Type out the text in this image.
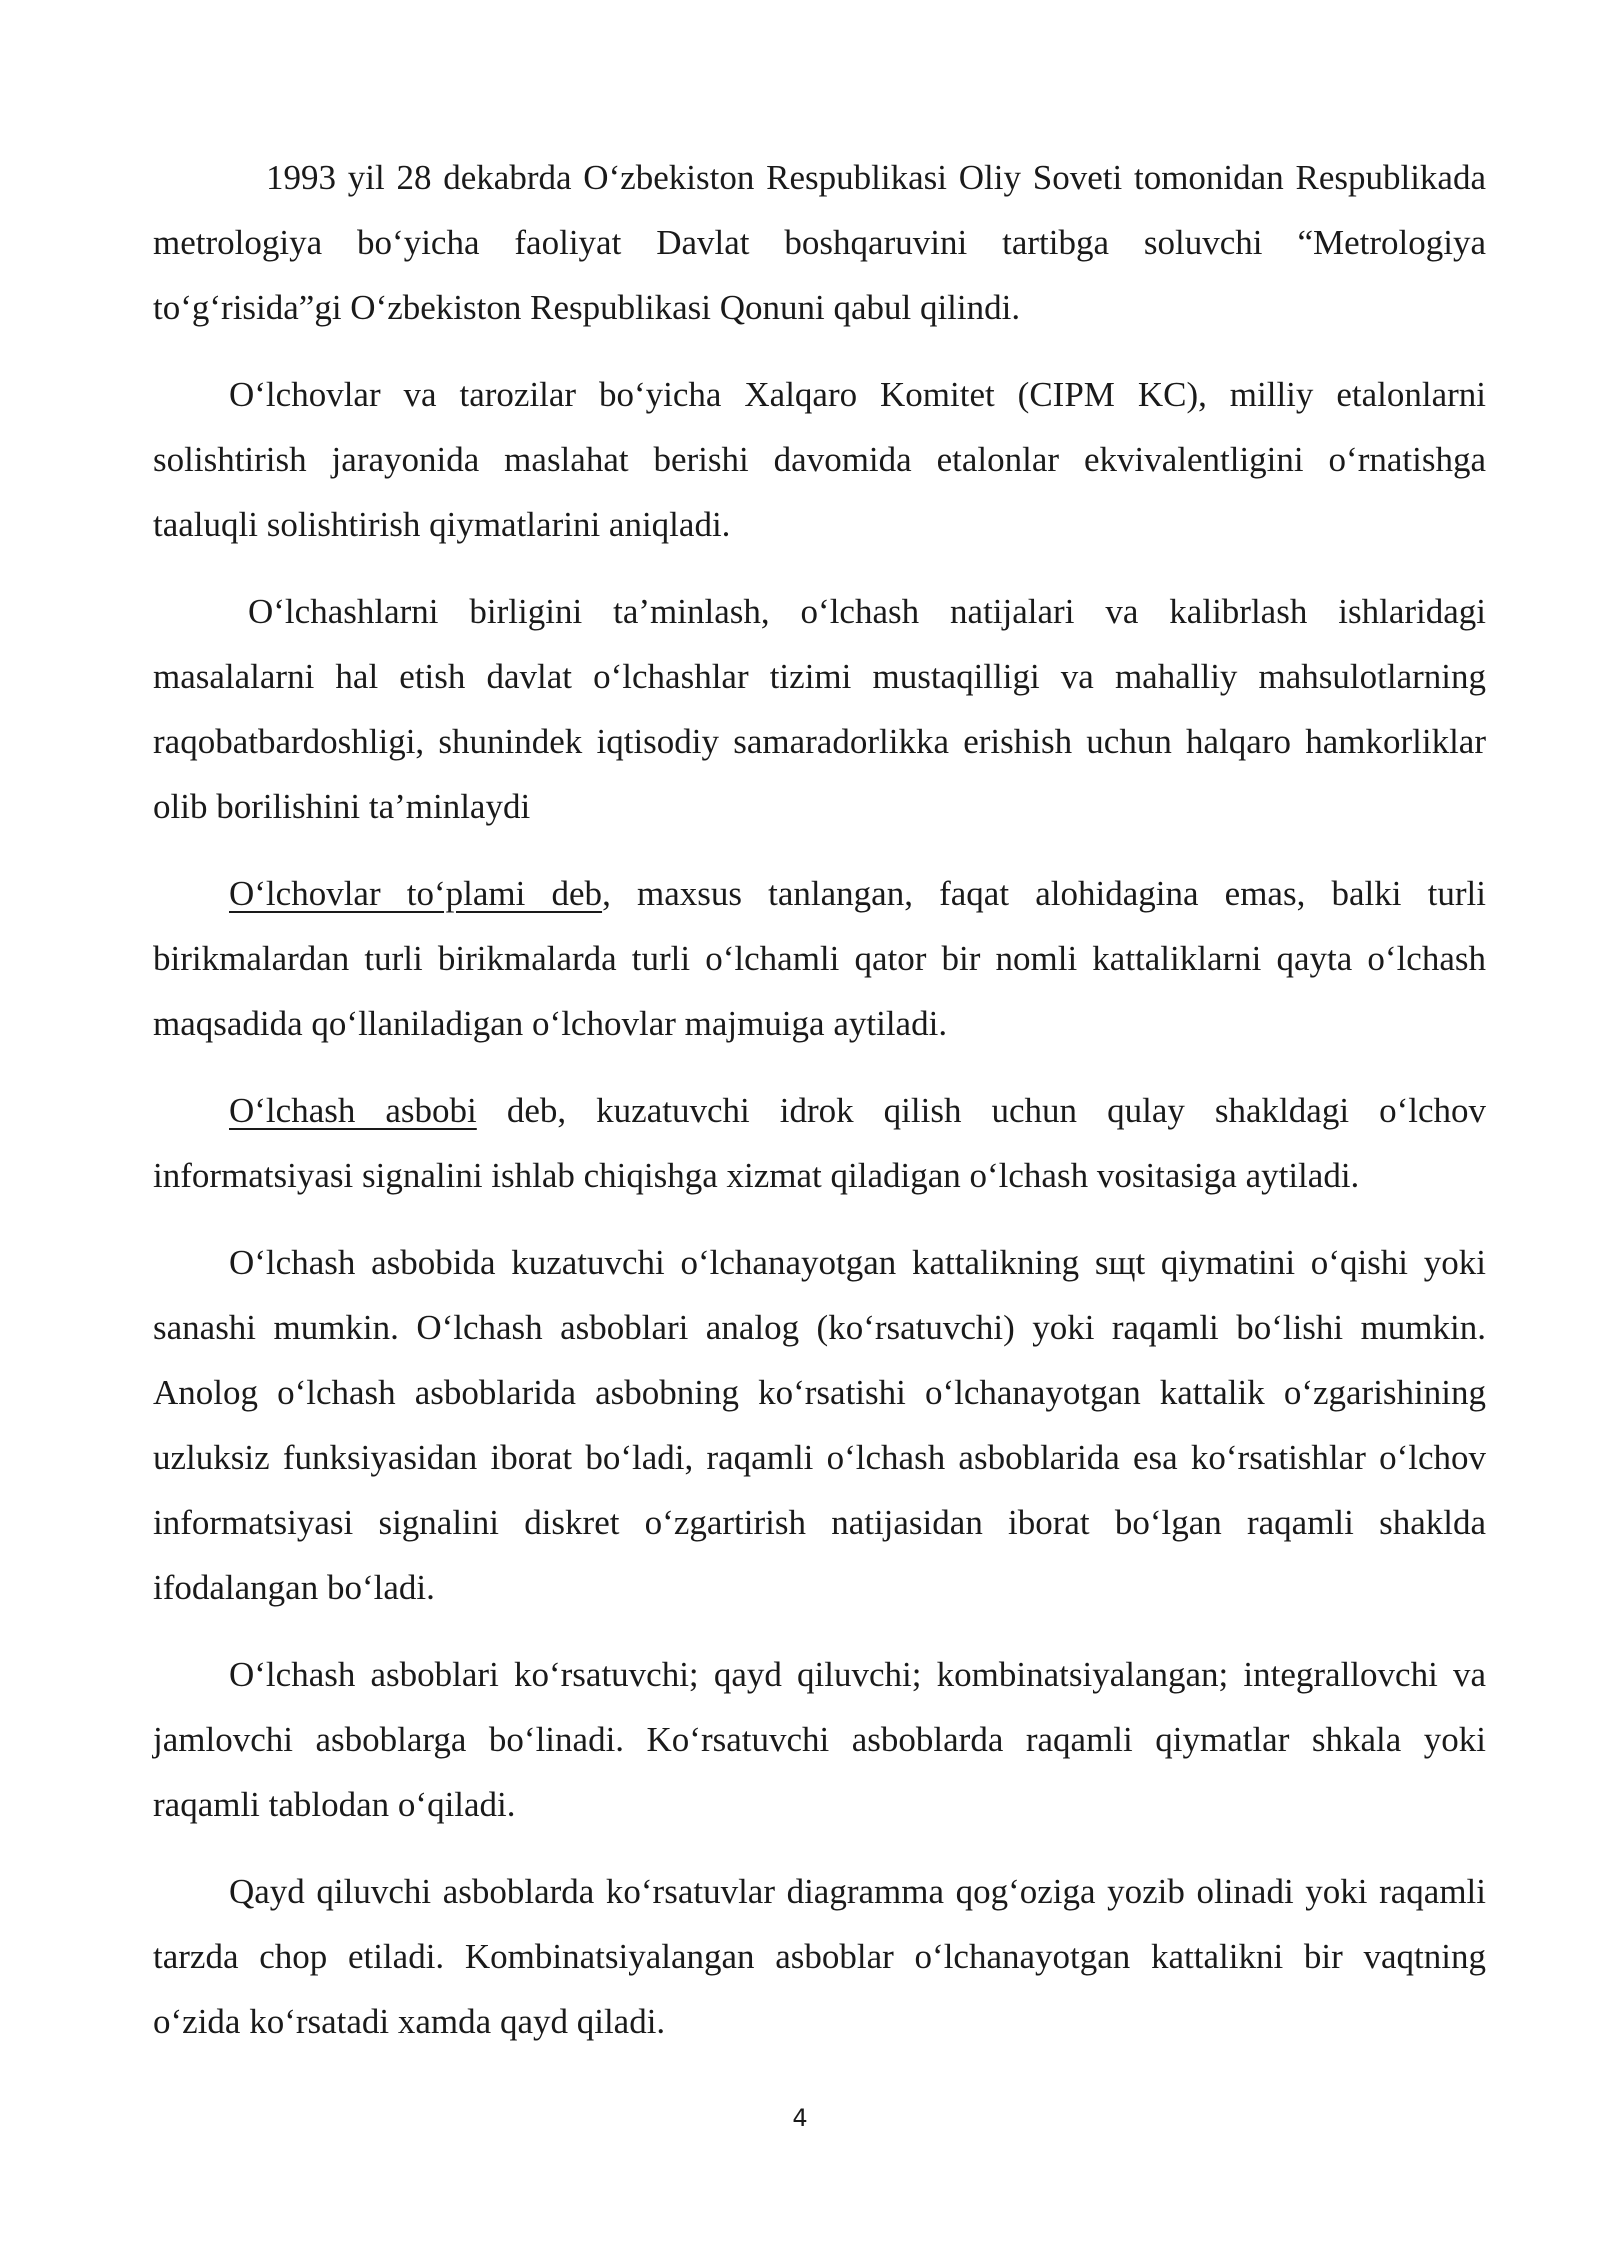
1993 yil 28 dekabrda O‘zbekiston Respublikasi Oliy Soveti tomonidan Respublikada metrologiya bo‘yicha faoliyat Davlat boshqaruvini tartibga soluvchi “Metrologiya to‘g‘risida”gi O‘zbekiston Respublikasi Qonuni qabul qilindi.

O‘lchovlar va tarozilar bo‘yicha Xalqaro Komitet (CIPM KC), milliy etalonlarni solishtirish jarayonida maslahat berishi davomida etalonlar ekvivalentligini o‘rnatishga taaluqli solishtirish qiymatlarini aniqladi.

O‘lchashlarni birligini ta’minlash, o‘lchash natijalari va kalibrlash ishlaridagi masalalarni hal etish davlat o‘lchashlar tizimi mustaqilligi va mahalliy mahsulotlarning raqobatbardoshligi, shunindek iqtisodiy samaradorlikka erishish uchun halqaro hamkorliklar olib borilishini ta’minlaydi

O‘lchovlar to‘plami deb, maxsus tanlangan, faqat alohidagina emas, balki turli birikmalardan turli birikmalarda turli o‘lchamli qator bir nomli kattaliklarni qayta o‘lchash maqsadida qo‘llaniladigan o‘lchovlar majmuiga aytiladi.

O‘lchash asbobi deb, kuzatuvchi idrok qilish uchun qulay shakldagi o‘lchov informatsiyasi signalini ishlab chiqishga xizmat qiladigan o‘lchash vositasiga aytiladi.

O‘lchash asbobida kuzatuvchi o‘lchanayotgan kattalikning sщt qiymatini o‘qishi yoki sanashi mumkin. O‘lchash asboblari analog (ko‘rsatuvchi) yoki raqamli bo‘lishi mumkin. Anolog o‘lchash asboblarida asbobning ko‘rsatishi o‘lchanayotgan kattalik o‘zgarishining uzluksiz funksiyasidan iborat bo‘ladi, raqamli o‘lchash asboblarida esa ko‘rsatishlar o‘lchov informatsiyasi signalini diskret o‘zgartirish natijasidan iborat bo‘lgan raqamli shaklda ifodalangan bo‘ladi.

O‘lchash asboblari ko‘rsatuvchi; qayd qiluvchi; kombinatsiyalangan; integrallovchi va jamlovchi asboblarga bo‘linadi. Ko‘rsatuvchi asboblarda raqamli qiymatlar shkala yoki raqamli tablodan o‘qiladi.

Qayd qiluvchi asboblarda ko‘rsatuvlar diagramma qog‘oziga yozib olinadi yoki raqamli tarzda chop etiladi. Kombinatsiyalangan asboblar o‘lchanayotgan kattalikni bir vaqtning o‘zida ko‘rsatadi xamda qayd qiladi.

4
